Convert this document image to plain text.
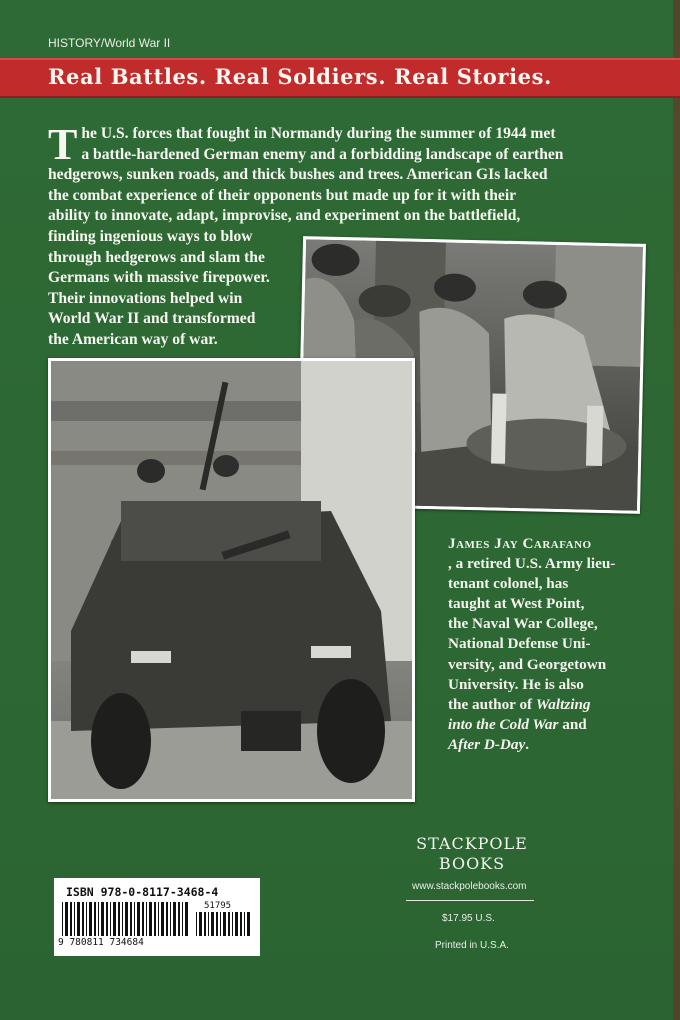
HISTORY/World War II
Real Battles. Real Soldiers. Real Stories.
T he U.S. forces that fought in Normandy during the summer of 1944 met
a battle-hardened German enemy and a forbidding landscape of earthen
hedgerows, sunken roads, and thick bushes and trees. American GIs lacked
the combat experience of their opponents but made up for it with their
ability to innovate, adapt, improvise, and experiment on the battlefield,
finding ingenious ways to blow
through hedgerows and slam the
Germans with massive firepower.
Their innovations helped win
World War II and transformed
the American way of war.
James Jay Carafano
, a retired U.S. Army lieu-
tenant colonel, has
taught at West Point,
the Naval War College,
National Defense Uni-
versity, and Georgetown
University. He is also
the author of Waltzing
into the Cold War and
After D-Day.
STACKPOLE
BOOKS
www.stackpolebooks.com
$17.95 U.S.
Printed in U.S.A.
ISBN 978-0-8117-3468-4
51795
9 780811 734684
